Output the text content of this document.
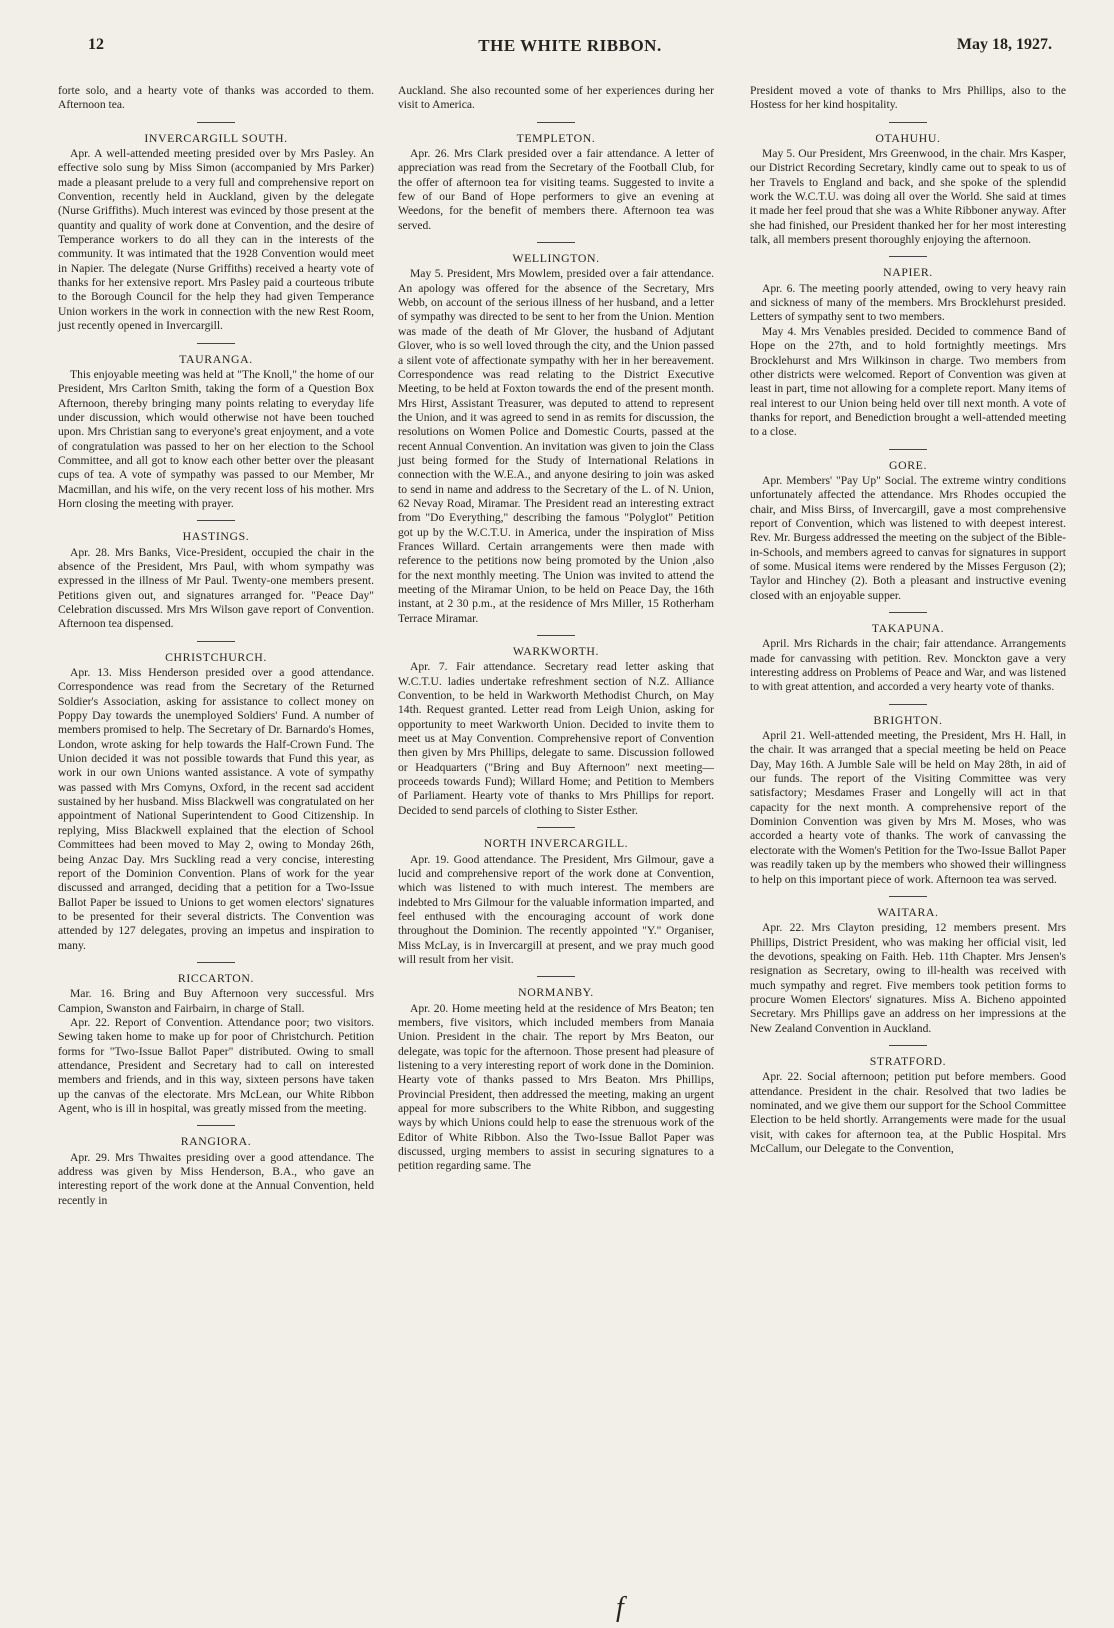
12	THE WHITE RIBBON.	May 18, 1927.

forte solo, and a hearty vote of thanks was accorded to them. Afternoon tea.

INVERCARGILL SOUTH.

Apr. A well-attended meeting presided over by Mrs Pasley. An effective solo sung by Miss Simon (accompanied by Mrs Parker) made a pleasant prelude to a very full and comprehensive report on Convention, recently held in Auckland, given by the delegate (Nurse Griffiths). Much interest was evinced by those present at the quantity and quality of work done at Convention, and the desire of Temperance workers to do all they can in the interests of the community. It was intimated that the 1928 Convention would meet in Napier. The delegate (Nurse Griffiths) received a hearty vote of thanks for her extensive report. Mrs Pasley paid a courteous tribute to the Borough Council for the help they had given Temperance Union workers in the work in connection with the new Rest Room, just recently opened in Invercargill.

TAURANGA.

This enjoyable meeting was held at "The Knoll," the home of our President, Mrs Carlton Smith, taking the form of a Question Box Afternoon, thereby bringing many points relating to everyday life under discussion, which would otherwise not have been touched upon. Mrs Christian sang to everyone's great enjoyment, and a vote of congratulation was passed to her on her election to the School Committee, and all got to know each other better over the pleasant cups of tea. A vote of sympathy was passed to our Member, Mr Macmillan, and his wife, on the very recent loss of his mother. Mrs Horn closing the meeting with prayer.

HASTINGS.

Apr. 28. Mrs Banks, Vice-President, occupied the chair in the absence of the President, Mrs Paul, with whom sympathy was expressed in the illness of Mr Paul. Twenty-one members present. Petitions given out, and signatures arranged for. "Peace Day" Celebration discussed. Mrs Mrs Wilson gave report of Convention. Afternoon tea dispensed.

CHRISTCHURCH.

Apr. 13. Miss Henderson presided over a good attendance. Correspondence was read from the Secretary of the Returned Soldier's Association, asking for assistance to collect money on Poppy Day towards the unemployed Soldiers' Fund. A number of members promised to help. The Secretary of Dr. Barnardo's Homes, London, wrote asking for help towards the Half-Crown Fund. The Union decided it was not possible towards that Fund this year, as work in our own Unions wanted assistance. A vote of sympathy was passed with Mrs Comyns, Oxford, in the recent sad accident sustained by her husband. Miss Blackwell was congratulated on her appointment of National Superintendent to Good Citizenship. In replying, Miss Blackwell explained that the election of School Committees had been moved to May 2, owing to Monday 26th, being Anzac Day. Mrs Suckling read a very concise, interesting report of the Dominion Convention. Plans of work for the year discussed and arranged, deciding that a petition for a Two-Issue Ballot Paper be issued to Unions to get women electors' signatures to be presented for their several districts. The Convention was attended by 127 delegates, proving an impetus and inspiration to many.

RICCARTON.

Mar. 16. Bring and Buy Afternoon very successful. Mrs Campion, Swanston and Fairbairn, in charge of Stall.

Apr. 22. Report of Convention. Attendance poor; two visitors. Sewing taken home to make up for poor of Christchurch. Petition forms for "Two-Issue Ballot Paper" distributed. Owing to small attendance, President and Secretary had to call on interested members and friends, and in this way, sixteen persons have taken up the canvas of the electorate. Mrs McLean, our White Ribbon Agent, who is ill in hospital, was greatly missed from the meeting.

RANGIORA.

Apr. 29. Mrs Thwaites presiding over a good attendance. The address was given by Miss Henderson, B.A., who gave an interesting report of the work done at the Annual Convention, held recently in

Auckland. She also recounted some of her experiences during her visit to America.

TEMPLETON.

Apr. 26. Mrs Clark presided over a fair attendance. A letter of appreciation was read from the Secretary of the Football Club, for the offer of afternoon tea for visiting teams. Suggested to invite a few of our Band of Hope performers to give an evening at Weedons, for the benefit of members there. Afternoon tea was served.

WELLINGTON.

May 5. President, Mrs Mowlem, presided over a fair attendance. An apology was offered for the absence of the Secretary, Mrs Webb, on account of the serious illness of her husband, and a letter of sympathy was directed to be sent to her from the Union. Mention was made of the death of Mr Glover, the husband of Adjutant Glover, who is so well loved through the city, and the Union passed a silent vote of affectionate sympathy with her in her bereavement. Correspondence was read relating to the District Executive Meeting, to be held at Foxton towards the end of the present month. Mrs Hirst, Assistant Treasurer, was deputed to attend to represent the Union, and it was agreed to send in as remits for discussion, the resolutions on Women Police and Domestic Courts, passed at the recent Annual Convention. An invitation was given to join the Class just being formed for the Study of International Relations in connection with the W.E.A., and anyone desiring to join was asked to send in name and address to the Secretary of the L. of N. Union, 62 Nevay Road, Miramar. The President read an interesting extract from "Do Everything," describing the famous "Polyglot" Petition got up by the W.C.T.U. in America, under the inspiration of Miss Frances Willard. Certain arrangements were then made with reference to the petitions now being promoted by the Union ,also for the next monthly meeting. The Union was invited to attend the meeting of the Miramar Union, to be held on Peace Day, the 16th instant, at 2 30 p.m., at the residence of Mrs Miller, 15 Rotherham Terrace Miramar.

WARKWORTH.

Apr. 7. Fair attendance. Secretary read letter asking that W.C.T.U. ladies undertake refreshment section of N.Z. Alliance Convention, to be held in Warkworth Methodist Church, on May 14th. Request granted. Letter read from Leigh Union, asking for opportunity to meet Warkworth Union. Decided to invite them to meet us at May Convention. Comprehensive report of Convention then given by Mrs Phillips, delegate to same. Discussion followed or Headquarters ("Bring and Buy Afternoon" next meeting—proceeds towards Fund); Willard Home; and Petition to Members of Parliament. Hearty vote of thanks to Mrs Phillips for report. Decided to send parcels of clothing to Sister Esther.

NORTH INVERCARGILL.

Apr. 19. Good attendance. The President, Mrs Gilmour, gave a lucid and comprehensive report of the work done at Convention, which was listened to with much interest. The members are indebted to Mrs Gilmour for the valuable information imparted, and feel enthused with the encouraging account of work done throughout the Dominion. The recently appointed "Y." Organiser, Miss McLay, is in Invercargill at present, and we pray much good will result from her visit.

NORMANBY.

Apr. 20. Home meeting held at the residence of Mrs Beaton; ten members, five visitors, which included members from Manaia Union. President in the chair. The report by Mrs Beaton, our delegate, was topic for the afternoon. Those present had pleasure of listening to a very interesting report of work done in the Dominion. Hearty vote of thanks passed to Mrs Beaton. Mrs Phillips, Provincial President, then addressed the meeting, making an urgent appeal for more subscribers to the White Ribbon, and suggesting ways by which Unions could help to ease the strenuous work of the Editor of White Ribbon. Also the Two-Issue Ballot Paper was discussed, urging members to assist in securing signatures to a petition regarding same. The

President moved a vote of thanks to Mrs Phillips, also to the Hostess for her kind hospitality.

OTAHUHU.

May 5. Our President, Mrs Greenwood, in the chair. Mrs Kasper, our District Recording Secretary, kindly came out to speak to us of her Travels to England and back, and she spoke of the splendid work the W.C.T.U. was doing all over the World. She said at times it made her feel proud that she was a White Ribboner anyway. After she had finished, our President thanked her for her most interesting talk, all members present thoroughly enjoying the afternoon.

NAPIER.

Apr. 6. The meeting poorly attended, owing to very heavy rain and sickness of many of the members. Mrs Brocklehurst presided. Letters of sympathy sent to two members.

May 4. Mrs Venables presided. Decided to commence Band of Hope on the 27th, and to hold fortnightly meetings. Mrs Brocklehurst and Mrs Wilkinson in charge. Two members from other districts were welcomed. Report of Convention was given at least in part, time not allowing for a complete report. Many items of real interest to our Union being held over till next month. A vote of thanks for report, and Benediction brought a well-attended meeting to a close.

GORE.

Apr. Members' "Pay Up" Social. The extreme wintry conditions unfortunately affected the attendance. Mrs Rhodes occupied the chair, and Miss Birss, of Invercargill, gave a most comprehensive report of Convention, which was listened to with deepest interest. Rev. Mr. Burgess addressed the meeting on the subject of the Bible-in-Schools, and members agreed to canvas for signatures in support of some. Musical items were rendered by the Misses Ferguson (2); Taylor and Hinchey (2). Both a pleasant and instructive evening closed with an enjoyable supper.

TAKAPUNA.

April. Mrs Richards in the chair; fair attendance. Arrangements made for canvassing with petition. Rev. Monckton gave a very interesting address on Problems of Peace and War, and was listened to with great attention, and accorded a very hearty vote of thanks.

BRIGHTON.

April 21. Well-attended meeting, the President, Mrs H. Hall, in the chair. It was arranged that a special meeting be held on Peace Day, May 16th. A Jumble Sale will be held on May 28th, in aid of our funds. The report of the Visiting Committee was very satisfactory; Mesdames Fraser and Longelly will act in that capacity for the next month. A comprehensive report of the Dominion Convention was given by Mrs M. Moses, who was accorded a hearty vote of thanks. The work of canvassing the electorate with the Women's Petition for the Two-Issue Ballot Paper was readily taken up by the members who showed their willingness to help on this important piece of work. Afternoon tea was served.

WAITARA.

Apr. 22. Mrs Clayton presiding, 12 members present. Mrs Phillips, District President, who was making her official visit, led the devotions, speaking on Faith. Heb. 11th Chapter. Mrs Jensen's resignation as Secretary, owing to ill-health was received with much sympathy and regret. Five members took petition forms to procure Women Electors' signatures. Miss A. Bicheno appointed Secretary. Mrs Phillips gave an address on her impressions at the New Zealand Convention in Auckland.

STRATFORD.

Apr. 22. Social afternoon; petition put before members. Good attendance. President in the chair. Resolved that two ladies be nominated, and we give them our support for the School Committee Election to be held shortly. Arrangements were made for the usual visit, with cakes for afternoon tea, at the Public Hospital. Mrs McCallum, our Delegate to the Convention,

f
